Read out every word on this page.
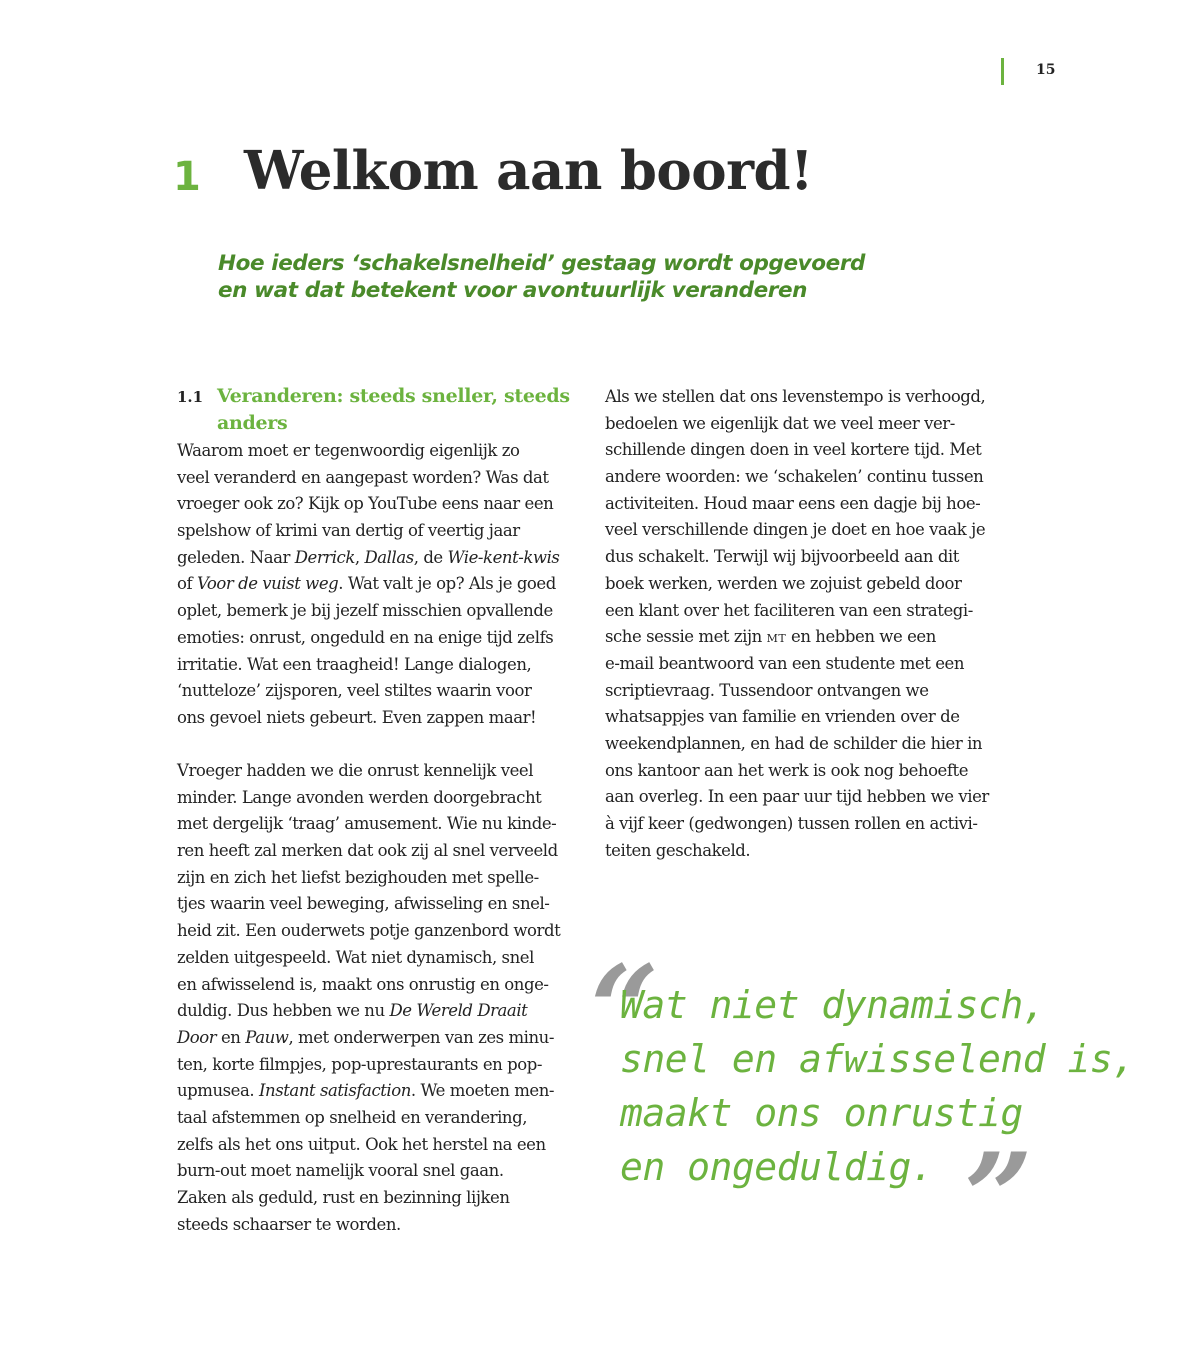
15
1 Welkom aan boord!
Hoe ieders ‘schakelsnelheid’ gestaag wordt opgevoerd
en wat dat betekent voor avontuurlijk veranderen
1.1 Veranderen: steeds sneller, steeds
anders
Waarom moet er tegenwoordig eigenlijk zo
veel veranderd en aangepast worden? Was dat
vroeger ook zo? Kijk op YouTube eens naar een
spelshow of krimi van dertig of veertig jaar
geleden. Naar Derrick, Dallas, de Wie-kent-kwis
of Voor de vuist weg. Wat valt je op? Als je goed
oplet, bemerk je bij jezelf misschien opvallende
emoties: onrust, ongeduld en na enige tijd zelfs
irritatie. Wat een traagheid! Lange dialogen,
‘nutteloze’ zijsporen, veel stiltes waarin voor
ons gevoel niets gebeurt. Even zappen maar!
Vroeger hadden we die onrust kennelijk veel
minder. Lange avonden werden doorgebracht
met dergelijk ‘traag’ amusement. Wie nu kinde-
ren heeft zal merken dat ook zij al snel verveeld
zijn en zich het liefst bezighouden met spelle-
tjes waarin veel beweging, afwisseling en snel-
heid zit. Een ouderwets potje ganzenbord wordt
zelden uitgespeeld. Wat niet dynamisch, snel
en afwisselend is, maakt ons onrustig en onge-
duldig. Dus hebben we nu De Wereld Draait
Door en Pauw, met onderwerpen van zes minu-
ten, korte filmpjes, pop-uprestaurants en pop-
upmusea. Instant satisfaction. We moeten men-
taal afstemmen op snelheid en verandering,
zelfs als het ons uitput. Ook het herstel na een
burn-out moet namelijk vooral snel gaan.
Zaken als geduld, rust en bezinning lijken
steeds schaarser te worden.
Als we stellen dat ons levenstempo is verhoogd,
bedoelen we eigenlijk dat we veel meer ver-
schillende dingen doen in veel kortere tijd. Met
andere woorden: we ‘schakelen’ continu tussen
activiteiten. Houd maar eens een dagje bij hoe-
veel verschillende dingen je doet en hoe vaak je
dus schakelt. Terwijl wij bijvoorbeeld aan dit
boek werken, werden we zojuist gebeld door
een klant over het faciliteren van een strategi-
sche sessie met zijn MT en hebben we een
e-mail beantwoord van een studente met een
scriptievraag. Tussendoor ontvangen we
whatsappjes van familie en vrienden over de
weekendplannen, en had de schilder die hier in
ons kantoor aan het werk is ook nog behoefte
aan overleg. In een paar uur tijd hebben we vier
à vijf keer (gedwongen) tussen rollen en activi-
teiten geschakeld.
“
Wat niet dynamisch,
snel en afwisselend is,
maakt ons onrustig
en ongeduldig. ”
